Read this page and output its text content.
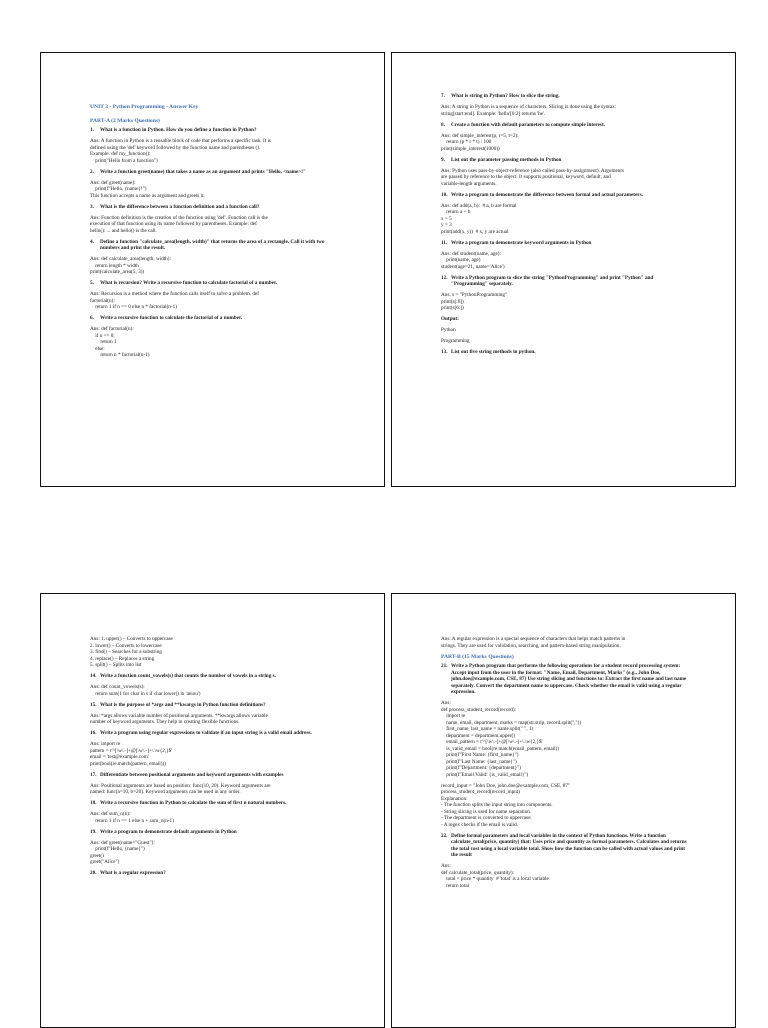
UNIT 3 - Python Programming - Answer Key
PART-A (2 Marks Questions)
1.	What is a function in Python. How do you define a function in Python?
Ans: A function in Python is a reusable block of code that performs a specific task. It is
defined using the 'def' keyword followed by the function name and parentheses ().
Example: def my_function():
print("Hello from a function")
2.	Write a function greet(name) that takes a name as an argument and prints "Hello, <name>!"
Ans: def greet(name):
print(f"Hello, {name}!")
This function accepts a name as argument and greets it.
3.	What is the difference between a function definition and a function call?
Ans: Function definition is the creation of the function using 'def'. Function call is the
execution of that function using its name followed by parentheses. Example: def
hello(): ... and hello() is the call.
4.	Define a function "calculate_area(length, width)" that returns the area of a rectangle. Call it with two numbers and print the result.
Ans: def calculate_area(length, width):
return length * width
print(calculate_area(5, 3))
5.	What is recursion? Write a recursive function to calculate factorial of a number.
Ans: Recursion is a method where the function calls itself to solve a problem. def
factorial(n):
return 1 if n == 0 else n * factorial(n-1)
6.	Write a recursive function to calculate the factorial of a number.
Ans: def factorial(n):
if n == 0:
return 1
else:
return n * factorial(n-1)
7.	What is string in Python? How to slice the string.
Ans: A string in Python is a sequence of characters. Slicing is done using the syntax:
string[start:end]. Example: 'hello'[0:2] returns 'he'.
8.	Create a function with default parameters to compute simple interest.
Ans: def simple_interest(p, r=5, t=2):
return (p * r * t) / 100
print(simple_interest(1000))
9.	List out the parameter passing methods in Python
Ans: Python uses pass-by-object-reference (also called pass-by-assignment). Arguments
are passed by reference to the object. It supports positional, keyword, default, and
variable-length arguments.
10. Write a program to demonstrate the difference between formal and actual parameters.
Ans: def add(a, b):  # a, b are formal
return a + b
x = 5
y = 3
print(add(x, y))  # x, y are actual
11. Write a program to demonstrate keyword arguments in Python
Ans: def student(name, age):
print(name, age)
student(age=21, name='Alice')
12. Write a Python program to slice the string "PythonProgramming" and print "Python" and "Programming" separately.
Ans: s = "PythonProgramming"
print(s[:6])
print(s[6:])
Output:
Python
Programming
13. List out five string methods in python.
Ans: 1. upper() – Converts to uppercase
2. lower() – Converts to lowercase
3. find() – Searches for a substring
4. replace() – Replaces a string
5. split() – Splits into list
14. Write a function count_vowels(s) that counts the number of vowels in a string s.
Ans: def count_vowels(s):
return sum(1 for char in s if char.lower() in 'aeiou')
15. What is the purpose of *args and **kwargs in Python function definitions?
Ans: *args allows variable number of positional arguments. **kwargs allows variable
number of keyword arguments. They help in creating flexible functions.
16. Write a program using regular expressions to validate if an input string is a valid email address.
Ans: import re
pattern = r'^[\w\.-]+@[\w\.-]+\.\w{2,}$'
email = 'test@example.com'
print(bool(re.match(pattern, email)))
17. Differentiate between positional arguments and keyword arguments with examples
Ans: Positional arguments are based on position: func(10, 20). Keyword arguments are
named: func(a=10, b=20). Keyword arguments can be used in any order.
18. Write a recursive function in Python to calculate the sum of first n natural numbers.
Ans: def sum_n(n):
return 1 if n == 1 else n + sum_n(n-1)
19. Write a program to demonstrate default arguments in Python
Ans: def greet(name="Guest"):
print(f"Hello, {name}")
greet()
greet("Alice")
20. What is a regular expression?
Ans: A regular expression is a special sequence of characters that helps match patterns in
strings. They are used for validation, searching, and pattern-based string manipulation.
PART-B (15 Marks Questions)
21. Write a Python program that performs the following operations for a student record processing system: Accept input from the user in the format: "Name, Email, Department, Marks" (e.g., John Doe, john.doe@example.com, CSE, 87) Use string slicing and functions to: Extract the first name and last name separately. Convert the department name to uppercase. Check whether the email is valid using a regular expression.
Ans:
def process_student_record(record):
import re
name, email, department, marks = map(str.strip, record.split(","))
first_name, last_name = name.split(" ", 1)
department = department.upper()
email_pattern = r'^[\w\.-]+@[\w\.-]+\.\w{2,}$'
is_valid_email = bool(re.match(email_pattern, email))
print(f"First Name: {first_name}")
print(f"Last Name: {last_name}")
print(f"Department: {department}")
print(f"Email Valid: {is_valid_email}")
record_input = "John Doe, john.doe@example.com, CSE, 87"
process_student_record(record_input)
Explanation:
- The function splits the input string into components.
- String slicing is used for name separation.
- The department is converted to uppercase.
- A regex checks if the email is valid.
22. Define formal parameters and local variables in the context of Python functions. Write a function calculate_total(price, quantity) that: Uses price and quantity as formal parameters. Calculates and returns the total cost using a local variable total. Show how the function can be called with actual values and print the result
Ans:
def calculate_total(price, quantity):
total = price * quantity  # 'total' is a local variable
return total
